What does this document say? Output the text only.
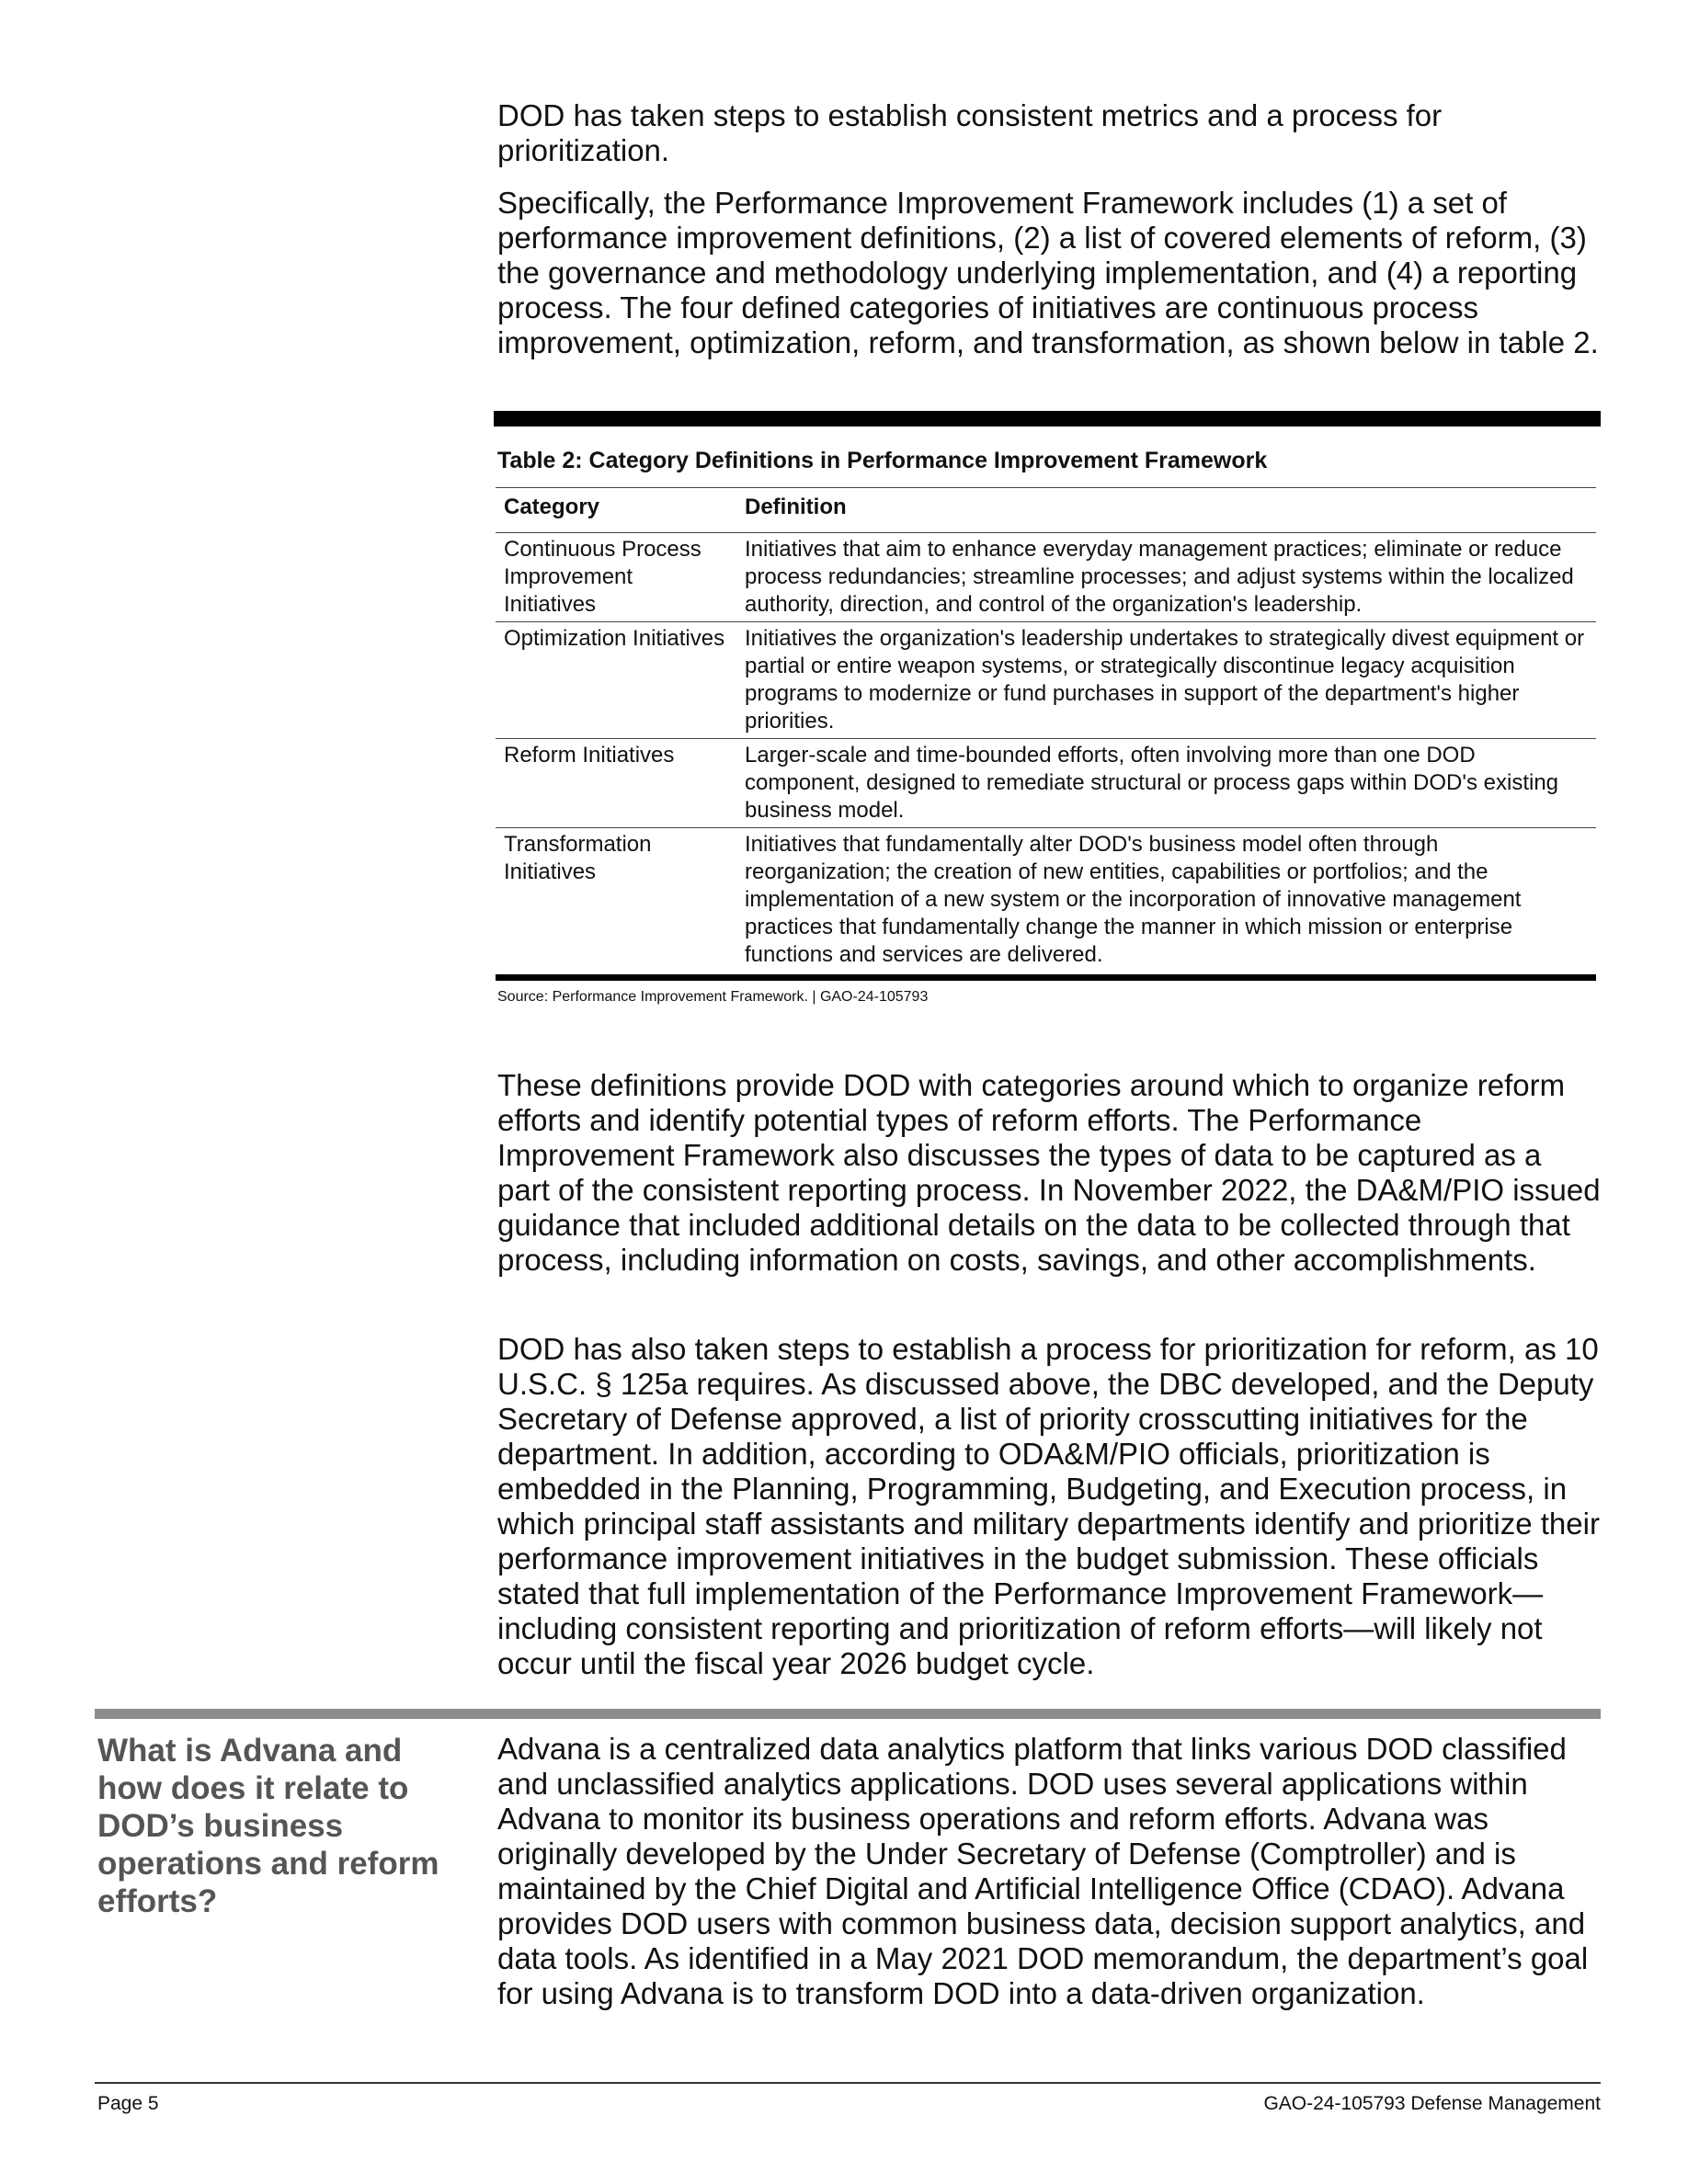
DOD has taken steps to establish consistent metrics and a process for prioritization.

Specifically, the Performance Improvement Framework includes (1) a set of performance improvement definitions, (2) a list of covered elements of reform, (3) the governance and methodology underlying implementation, and (4) a reporting process. The four defined categories of initiatives are continuous process improvement, optimization, reform, and transformation, as shown below in table 2.

Table 2: Category Definitions in Performance Improvement Framework
Category	Definition
Continuous Process Improvement Initiatives	Initiatives that aim to enhance everyday management practices; eliminate or reduce process redundancies; streamline processes; and adjust systems within the localized authority, direction, and control of the organization's leadership.
Optimization Initiatives	Initiatives the organization's leadership undertakes to strategically divest equipment or partial or entire weapon systems, or strategically discontinue legacy acquisition programs to modernize or fund purchases in support of the department's higher priorities.
Reform Initiatives	Larger-scale and time-bounded efforts, often involving more than one DOD component, designed to remediate structural or process gaps within DOD's existing business model.
Transformation Initiatives	Initiatives that fundamentally alter DOD's business model often through reorganization; the creation of new entities, capabilities or portfolios; and the implementation of a new system or the incorporation of innovative management practices that fundamentally change the manner in which mission or enterprise functions and services are delivered.
Source: Performance Improvement Framework. | GAO-24-105793

These definitions provide DOD with categories around which to organize reform efforts and identify potential types of reform efforts. The Performance Improvement Framework also discusses the types of data to be captured as a part of the consistent reporting process. In November 2022, the DA&M/PIO issued guidance that included additional details on the data to be collected through that process, including information on costs, savings, and other accomplishments.

DOD has also taken steps to establish a process for prioritization for reform, as 10 U.S.C. § 125a requires. As discussed above, the DBC developed, and the Deputy Secretary of Defense approved, a list of priority crosscutting initiatives for the department. In addition, according to ODA&M/PIO officials, prioritization is embedded in the Planning, Programming, Budgeting, and Execution process, in which principal staff assistants and military departments identify and prioritize their performance improvement initiatives in the budget submission. These officials stated that full implementation of the Performance Improvement Framework—including consistent reporting and prioritization of reform efforts—will likely not occur until the fiscal year 2026 budget cycle.

What is Advana and how does it relate to DOD’s business operations and reform efforts?

Advana is a centralized data analytics platform that links various DOD classified and unclassified analytics applications. DOD uses several applications within Advana to monitor its business operations and reform efforts. Advana was originally developed by the Under Secretary of Defense (Comptroller) and is maintained by the Chief Digital and Artificial Intelligence Office (CDAO). Advana provides DOD users with common business data, decision support analytics, and data tools. As identified in a May 2021 DOD memorandum, the department’s goal for using Advana is to transform DOD into a data-driven organization.

Page 5	GAO-24-105793 Defense Management
